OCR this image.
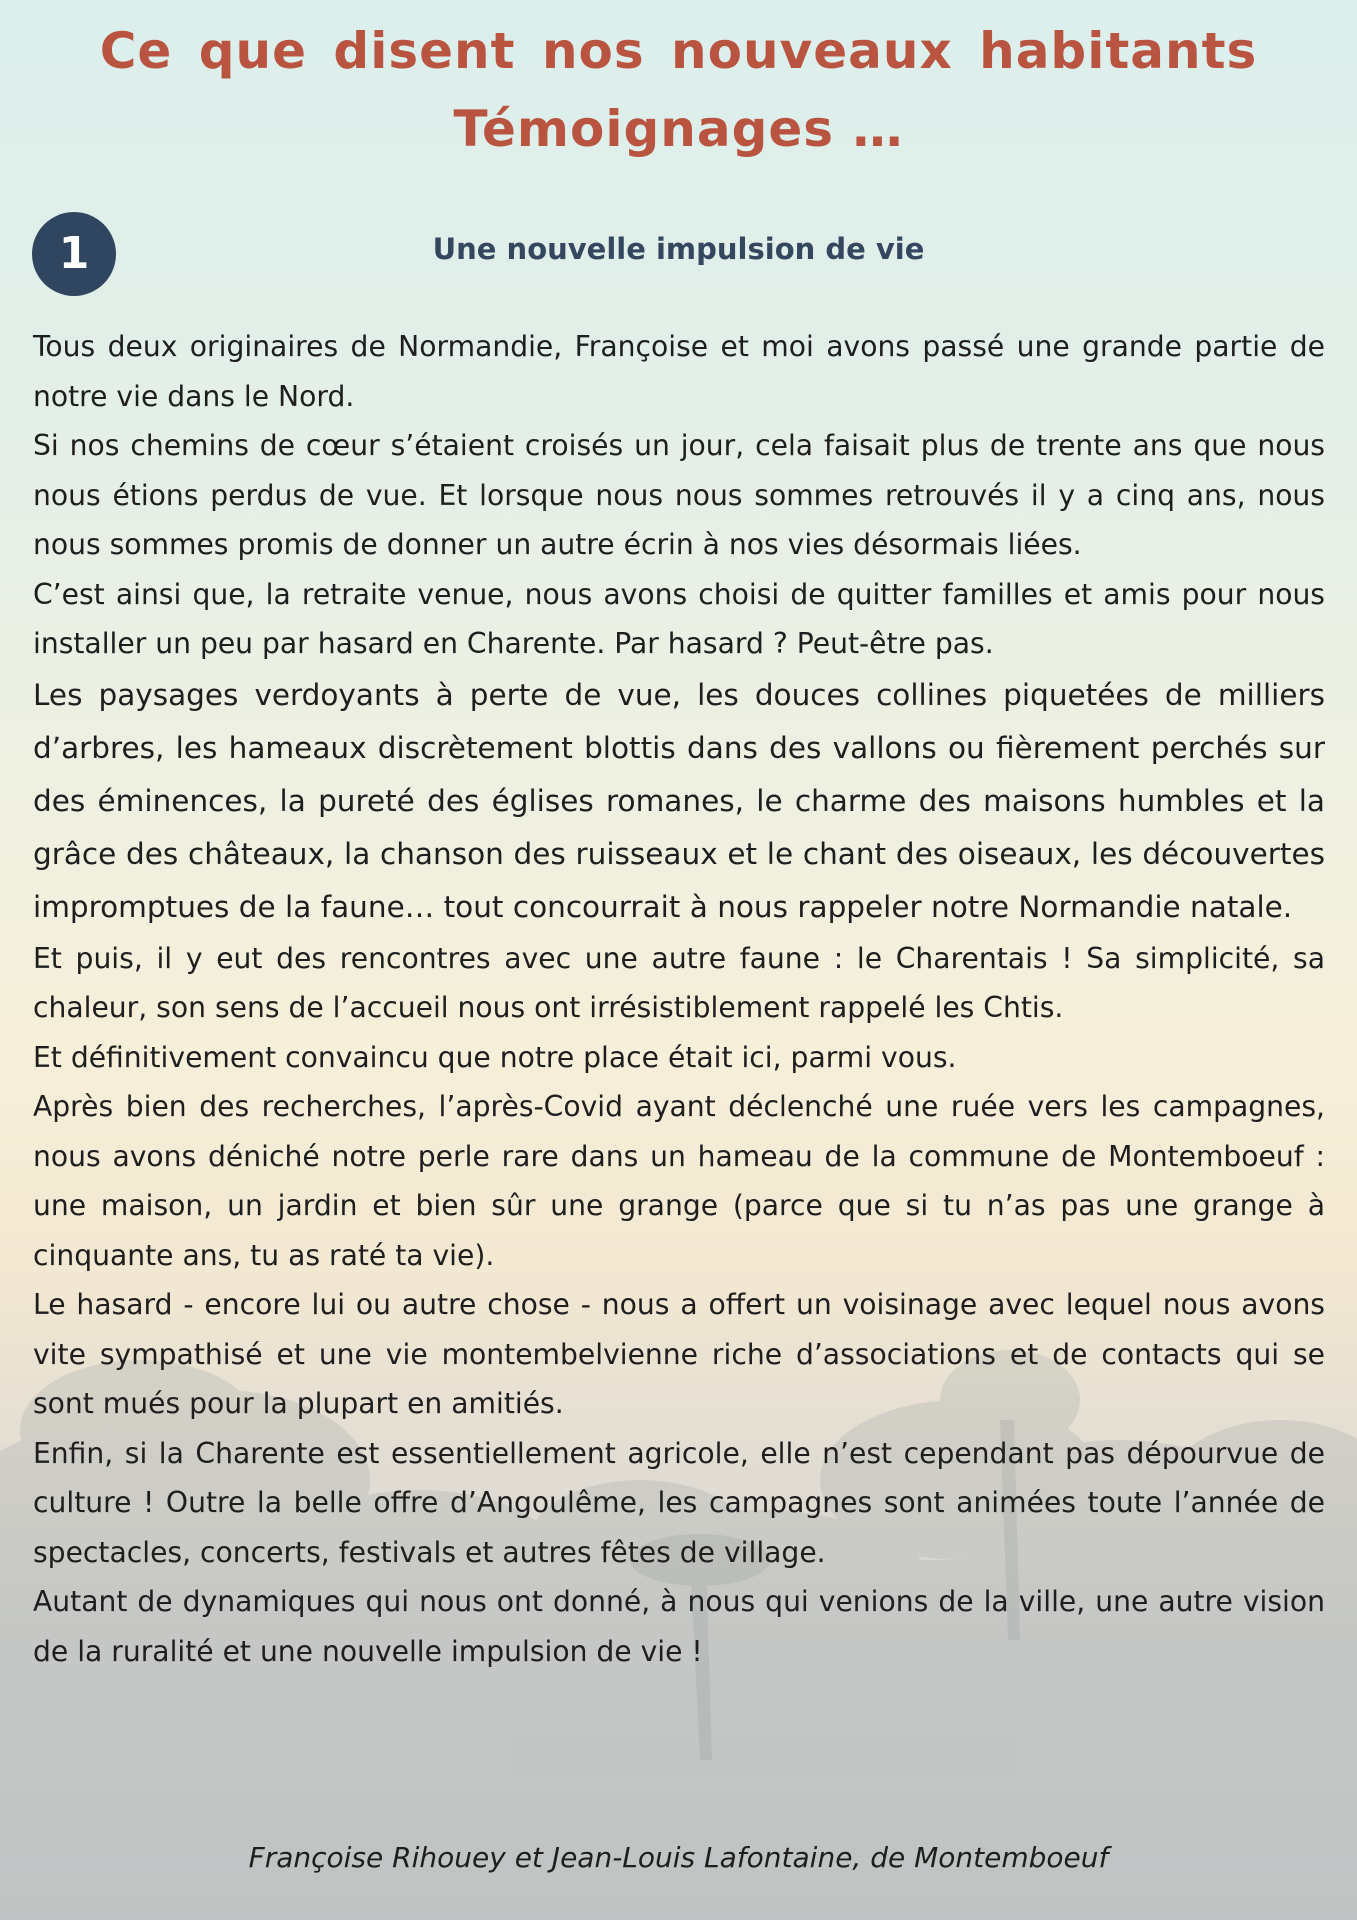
Ce que disent nos nouveaux habitants
Témoignages …
1	Une nouvelle impulsion de vie

Tous deux originaires de Normandie, Françoise et moi avons passé une grande partie de notre vie dans le Nord.

Si nos chemins de cœur s’étaient croisés un jour, cela faisait plus de trente ans que nous nous étions perdus de vue. Et lorsque nous nous sommes retrouvés il y a cinq ans, nous nous sommes promis de donner un autre écrin à nos vies désormais liées.

C’est ainsi que, la retraite venue, nous avons choisi de quitter familles et amis pour nous installer un peu par hasard en Charente. Par hasard ? Peut-être pas.

Les paysages verdoyants à perte de vue, les douces collines piquetées de milliers d’arbres, les hameaux discrètement blottis dans des vallons ou fièrement perchés sur des éminences, la pureté des églises romanes, le charme des maisons humbles et la grâce des châteaux, la chanson des ruisseaux et le chant des oiseaux, les découvertes impromptues de la faune… tout concourrait à nous rappeler notre Normandie natale.

Et puis, il y eut des rencontres avec une autre faune : le Charentais ! Sa simplicité, sa chaleur, son sens de l’accueil nous ont irrésistiblement rappelé les Chtis.

Et définitivement convaincu que notre place était ici, parmi vous.

Après bien des recherches, l’après-Covid ayant déclenché une ruée vers les campagnes, nous avons déniché notre perle rare dans un hameau de la commune de Montemboeuf : une maison, un jardin et bien sûr une grange (parce que si tu n’as pas une grange à cinquante ans, tu as raté ta vie).

Le hasard - encore lui ou autre chose - nous a offert un voisinage avec lequel nous avons vite sympathisé et une vie montembelvienne riche d’associations et de contacts qui se sont mués pour la plupart en amitiés.

Enfin, si la Charente est essentiellement agricole, elle n’est cependant pas dépourvue de culture ! Outre la belle offre d’Angoulême, les campagnes sont animées toute l’année de spectacles, concerts, festivals et autres fêtes de village.

Autant de dynamiques qui nous ont donné, à nous qui venions de la ville, une autre vision de la ruralité et une nouvelle impulsion de vie !

Françoise Rihouey et Jean-Louis Lafontaine, de Montemboeuf
